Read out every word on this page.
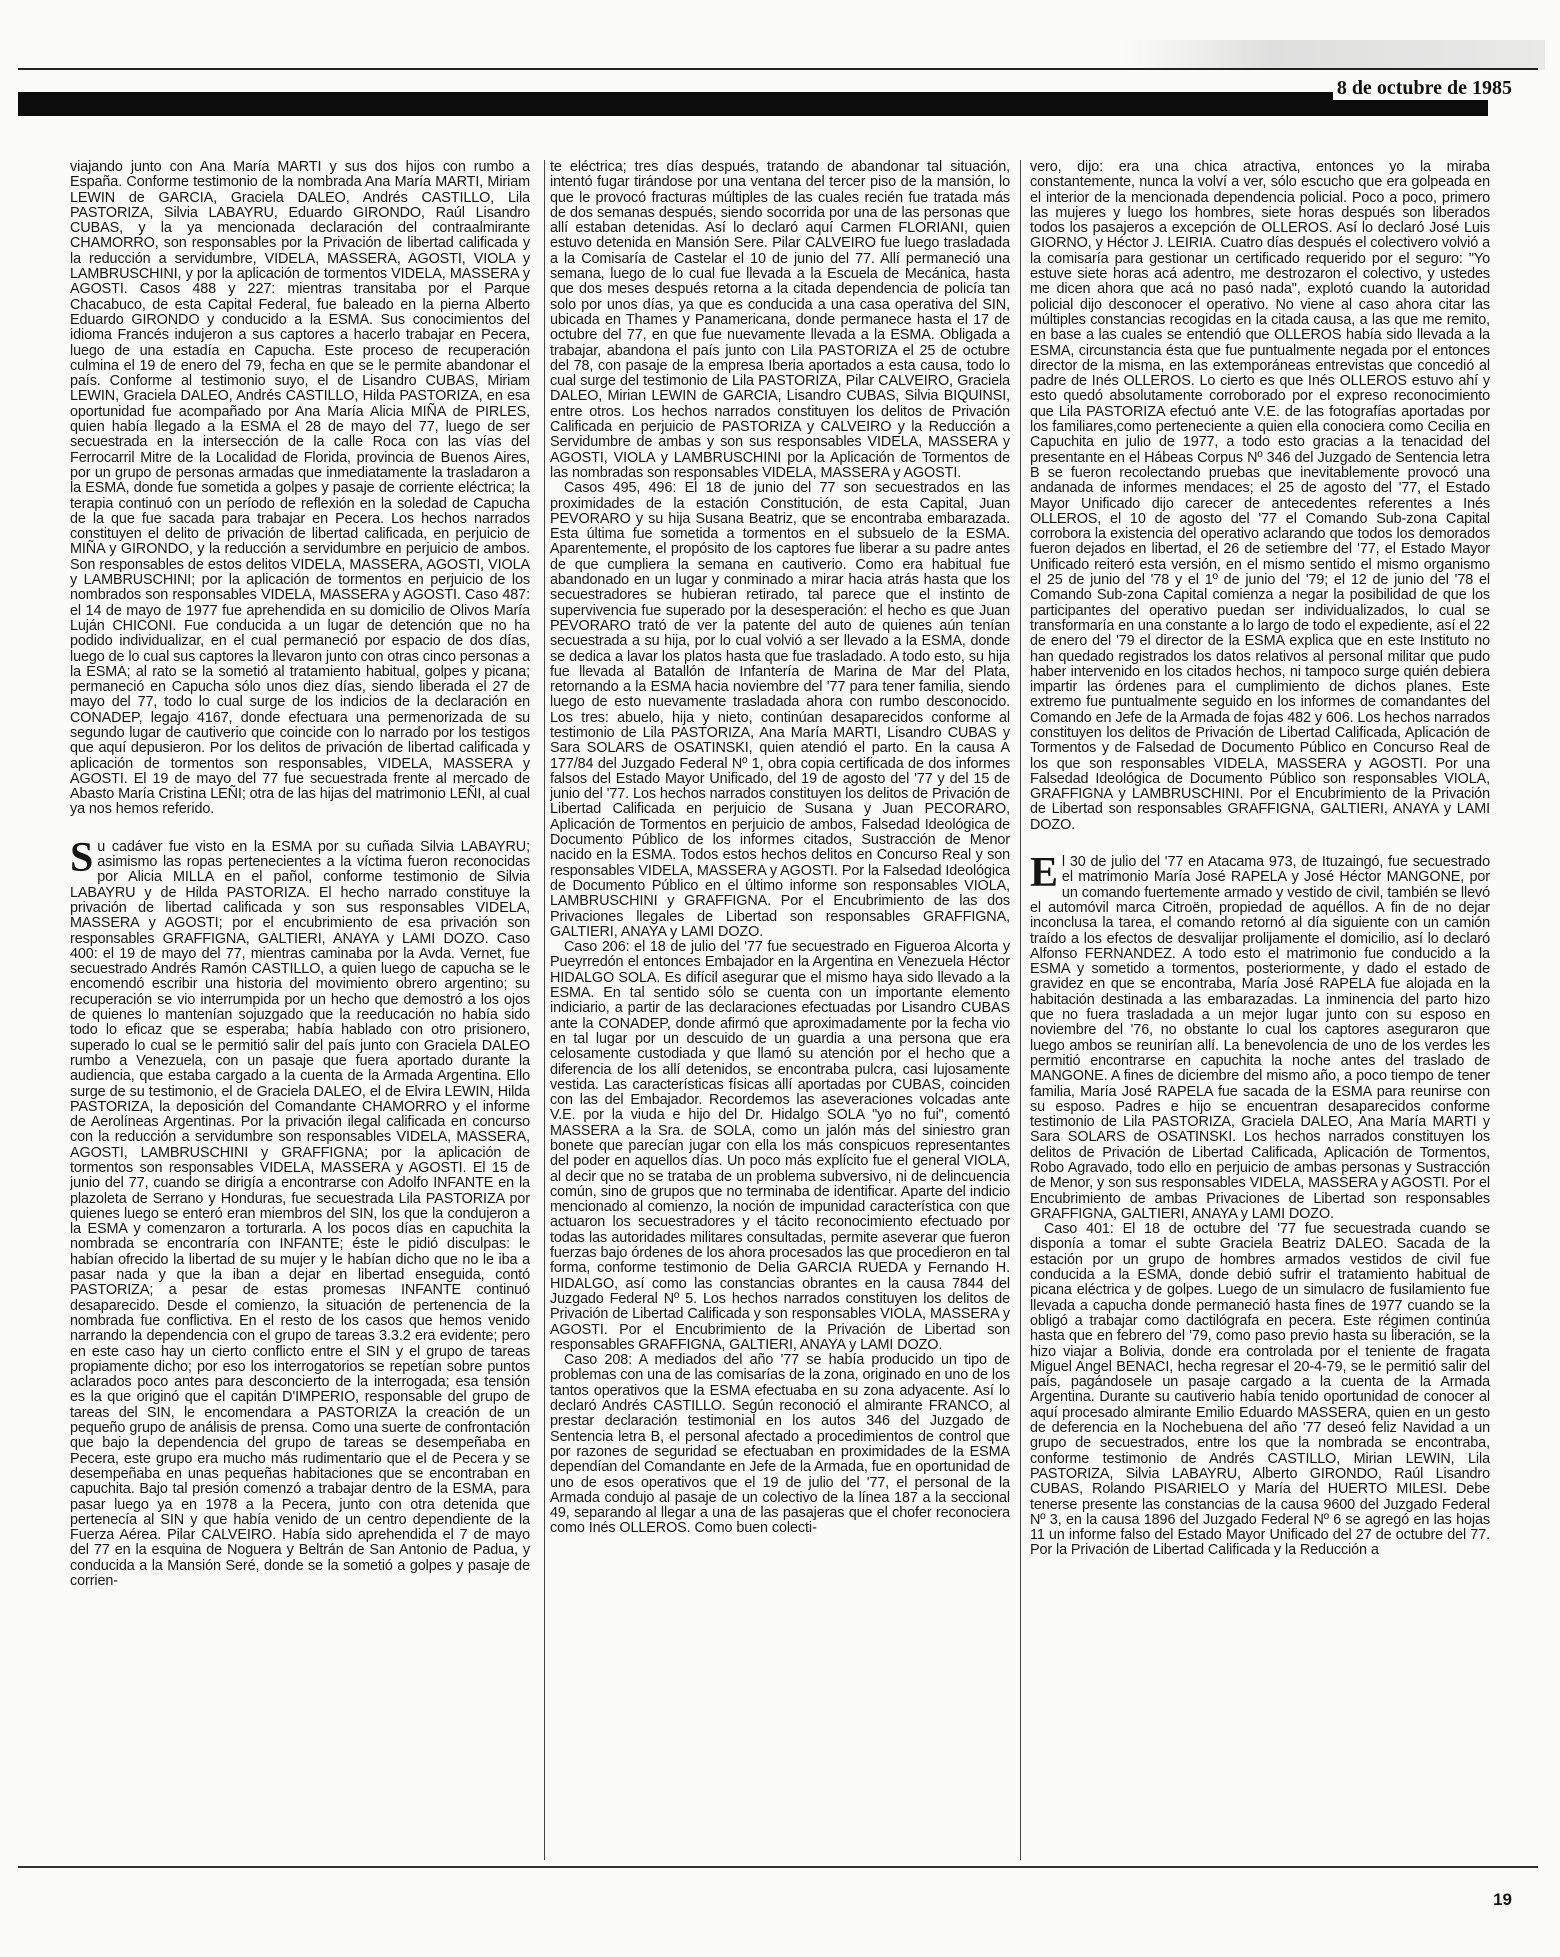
8 de octubre de 1985

viajando junto con Ana María MARTI y sus dos hijos con rumbo a España. Conforme testimonio de la nombrada Ana María MARTI, Miriam LEWIN de GARCIA, Graciela DALEO, Andrés CASTILLO, Lila PASTORIZA, Silvia LABAYRU, Eduardo GIRONDO, Raúl Lisandro CUBAS, y la ya mencionada declaración del contraalmirante CHAMORRO, son responsables por la Privación de libertad calificada y la reducción a servidumbre, VIDELA, MASSERA, AGOSTI, VIOLA y LAMBRUSCHINI, y por la aplicación de tormentos VIDELA, MASSERA y AGOSTI. Casos 488 y 227: mientras transitaba por el Parque Chacabuco, de esta Capital Federal, fue baleado en la pierna Alberto Eduardo GIRONDO y conducido a la ESMA. Sus conocimientos del idioma Francés indujeron a sus captores a hacerlo trabajar en Pecera, luego de una estadía en Capucha. Este proceso de recuperación culmina el 19 de enero del 79, fecha en que se le permite abandonar el país. Conforme al testimonio suyo, el de Lisandro CUBAS, Miriam LEWIN, Graciela DALEO, Andrés CASTILLO, Hilda PASTORIZA, en esa oportunidad fue acompañado por Ana María Alicia MIÑA de PIRLES, quien había llegado a la ESMA el 28 de mayo del 77, luego de ser secuestrada en la intersección de la calle Roca con las vías del Ferrocarril Mitre de la Localidad de Florida, provincia de Buenos Aires, por un grupo de personas armadas que inmediatamente la trasladaron a la ESMA, donde fue sometida a golpes y pasaje de corriente eléctrica; la terapia continuó con un período de reflexión en la soledad de Capucha de la que fue sacada para trabajar en Pecera. Los hechos narrados constituyen el delito de privación de libertad calificada, en perjuicio de MIÑA y GIRONDO, y la reducción a servidumbre en perjuicio de ambos. Son responsables de estos delitos VIDELA, MASSERA, AGOSTI, VIOLA y LAMBRUSCHINI; por la aplicación de tormentos en perjuicio de los nombrados son responsables VIDELA, MASSERA y AGOSTI. Caso 487: el 14 de mayo de 1977 fue aprehendida en su domicilio de Olivos María Luján CHICONI. Fue conducida a un lugar de detención que no ha podido individualizar, en el cual permaneció por espacio de dos días, luego de lo cual sus captores la llevaron junto con otras cinco personas a la ESMA; al rato se la sometió al tratamiento habitual, golpes y picana; permaneció en Capucha sólo unos diez días, siendo liberada el 27 de mayo del 77, todo lo cual surge de los indicios de la declaración en CONADEP, legajo 4167, donde efectuara una permenorizada de su segundo lugar de cautiverio que coincide con lo narrado por los testigos que aquí depusieron. Por los delitos de privación de libertad calificada y aplicación de tormentos son responsables, VIDELA, MASSERA y AGOSTI. El 19 de mayo del 77 fue secuestrada frente al mercado de Abasto María Cristina LEÑI; otra de las hijas del matrimonio LEÑI, al cual ya nos hemos referido.

Su cadáver fue visto en la ESMA por su cuñada Silvia LABAYRU; asimismo las ropas pertenecientes a la víctima fueron reconocidas por Alicia MILLA en el pañol, conforme testimonio de Silvia LABAYRU y de Hilda PASTORIZA. El hecho narrado constituye la privación de libertad calificada y son sus responsables VIDELA, MASSERA y AGOSTI; por el encubrimiento de esa privación son responsables GRAFFIGNA, GALTIERI, ANAYA y LAMI DOZO. Caso 400: el 19 de mayo del 77, mientras caminaba por la Avda. Vernet, fue secuestrado Andrés Ramón CASTILLO, a quien luego de capucha se le encomendó escribir una historia del movimiento obrero argentino; su recuperación se vio interrumpida por un hecho que demostró a los ojos de quienes lo mantenían sojuzgado que la reeducación no había sido todo lo eficaz que se esperaba; había hablado con otro prisionero, superado lo cual se le permitió salir del país junto con Graciela DALEO rumbo a Venezuela, con un pasaje que fuera aportado durante la audiencia, que estaba cargado a la cuenta de la Armada Argentina. Ello surge de su testimonio, el de Graciela DALEO, el de Elvira LEWIN, Hilda PASTORIZA, la deposición del Comandante CHAMORRO y el informe de Aerolíneas Argentinas. Por la privación ilegal calificada en concurso con la reducción a servidumbre son responsables VIDELA, MASSERA, AGOSTI, LAMBRUSCHINI y GRAFFIGNA; por la aplicación de tormentos son responsables VIDELA, MASSERA y AGOSTI. El 15 de junio del 77, cuando se dirigía a encontrarse con Adolfo INFANTE en la plazoleta de Serrano y Honduras, fue secuestrada Lila PASTORIZA por quienes luego se enteró eran miembros del SIN, los que la condujeron a la ESMA y comenzaron a torturarla. A los pocos días en capuchita la nombrada se encontraría con INFANTE; éste le pidió disculpas: le habían ofrecido la libertad de su mujer y le habían dicho que no le iba a pasar nada y que la iban a dejar en libertad enseguida, contó PASTORIZA; a pesar de estas promesas INFANTE continuó desaparecido. Desde el comienzo, la situación de pertenencia de la nombrada fue conflictiva. En el resto de los casos que hemos venido narrando la dependencia con el grupo de tareas 3.3.2 era evidente; pero en este caso hay un cierto conflicto entre el SIN y el grupo de tareas propiamente dicho; por eso los interrogatorios se repetían sobre puntos aclarados poco antes para desconcierto de la interrogada; esa tensión es la que originó que el capitán D'IMPERIO, responsable del grupo de tareas del SIN, le encomendara a PASTORIZA la creación de un pequeño grupo de análisis de prensa. Como una suerte de confrontación que bajo la dependencia del grupo de tareas se desempeñaba en Pecera, este grupo era mucho más rudimentario que el de Pecera y se desempeñaba en unas pequeñas habitaciones que se encontraban en capuchita. Bajo tal presión comenzó a trabajar dentro de la ESMA, para pasar luego ya en 1978 a la Pecera, junto con otra detenida que pertenecía al SIN y que había venido de un centro dependiente de la Fuerza Aérea. Pilar CALVEIRO. Había sido aprehendida el 7 de mayo del 77 en la esquina de Noguera y Beltrán de San Antonio de Padua, y conducida a la Mansión Seré, donde se la sometió a golpes y pasaje de corrien-

te eléctrica; tres días después, tratando de abandonar tal situación, intentó fugar tirándose por una ventana del tercer piso de la mansión, lo que le provocó fracturas múltiples de las cuales recién fue tratada más de dos semanas después, siendo socorrida por una de las personas que allí estaban detenidas. Así lo declaró aquí Carmen FLORIANI, quien estuvo detenida en Mansión Sere. Pilar CALVEIRO fue luego trasladada a la Comisaría de Castelar el 10 de junio del 77. Allí permaneció una semana, luego de lo cual fue llevada a la Escuela de Mecánica, hasta que dos meses después retorna a la citada dependencia de policía tan solo por unos días, ya que es conducida a una casa operativa del SIN, ubicada en Thames y Panamericana, donde permanece hasta el 17 de octubre del 77, en que fue nuevamente llevada a la ESMA. Obligada a trabajar, abandona el país junto con Lila PASTORIZA el 25 de octubre del 78, con pasaje de la empresa Iberia aportados a esta causa, todo lo cual surge del testimonio de Lila PASTORIZA, Pilar CALVEIRO, Graciela DALEO, Mirian LEWIN de GARCIA, Lisandro CUBAS, Silvia BIQUINSI, entre otros. Los hechos narrados constituyen los delitos de Privación Calificada en perjuicio de PASTORIZA y CALVEIRO y la Reducción a Servidumbre de ambas y son sus responsables VIDELA, MASSERA y AGOSTI, VIOLA y LAMBRUSCHINI por la Aplicación de Tormentos de las nombradas son responsables VIDELA, MASSERA y AGOSTI.

Casos 495, 496: El 18 de junio del 77 son secuestrados en las proximidades de la estación Constitución, de esta Capital, Juan PEVORARO y su hija Susana Beatriz, que se encontraba embarazada. Esta última fue sometida a tormentos en el subsuelo de la ESMA. Aparentemente, el propósito de los captores fue liberar a su padre antes de que cumpliera la semana en cautiverio. Como era habitual fue abandonado en un lugar y conminado a mirar hacia atrás hasta que los secuestradores se hubieran retirado, tal parece que el instinto de supervivencia fue superado por la desesperación: el hecho es que Juan PEVORARO trató de ver la patente del auto de quienes aún tenían secuestrada a su hija, por lo cual volvió a ser llevado a la ESMA, donde se dedica a lavar los platos hasta que fue trasladado. A todo esto, su hija fue llevada al Batallón de Infantería de Marina de Mar del Plata, retornando a la ESMA hacia noviembre del '77 para tener familia, siendo luego de esto nuevamente trasladada ahora con rumbo desconocido. Los tres: abuelo, hija y nieto, continúan desaparecidos conforme al testimonio de Lila PASTORIZA, Ana María MARTI, Lisandro CUBAS y Sara SOLARS de OSATINSKI, quien atendió el parto. En la causa A 177/84 del Juzgado Federal Nº 1, obra copia certificada de dos informes falsos del Estado Mayor Unificado, del 19 de agosto del '77 y del 15 de junio del '77. Los hechos narrados constituyen los delitos de Privación de Libertad Calificada en perjuicio de Susana y Juan PECORARO, Aplicación de Tormentos en perjuicio de ambos, Falsedad Ideológica de Documento Público de los informes citados, Sustracción de Menor nacido en la ESMA. Todos estos hechos delitos en Concurso Real y son responsables VIDELA, MASSERA y AGOSTI. Por la Falsedad Ideológica de Documento Público en el último informe son responsables VIOLA, LAMBRUSCHINI y GRAFFIGNA. Por el Encubrimiento de las dos Privaciones llegales de Libertad son responsables GRAFFIGNA, GALTIERI, ANAYA y LAMI DOZO.

Caso 206: el 18 de julio del '77 fue secuestrado en Figueroa Alcorta y Pueyrredón el entonces Embajador en la Argentina en Venezuela Héctor HIDALGO SOLA. Es difícil asegurar que el mismo haya sido llevado a la ESMA. En tal sentido sólo se cuenta con un importante elemento indiciario, a partir de las declaraciones efectuadas por Lisandro CUBAS ante la CONADEP, donde afirmó que aproximadamente por la fecha vio en tal lugar por un descuido de un guardia a una persona que era celosamente custodiada y que llamó su atención por el hecho que a diferencia de los allí detenidos, se encontraba pulcra, casi lujosamente vestida. Las características físicas allí aportadas por CUBAS, coinciden con las del Embajador. Recordemos las aseveraciones volcadas ante V.E. por la viuda e hijo del Dr. Hidalgo SOLA "yo no fui", comentó MASSERA a la Sra. de SOLA, como un jalón más del siniestro gran bonete que parecían jugar con ella los más conspicuos representantes del poder en aquellos días. Un poco más explícito fue el general VIOLA, al decir que no se trataba de un problema subversivo, ni de delincuencia común, sino de grupos que no terminaba de identificar. Aparte del indicio mencionado al comienzo, la noción de impunidad característica con que actuaron los secuestradores y el tácito reconocimiento efectuado por todas las autoridades militares consultadas, permite aseverar que fueron fuerzas bajo órdenes de los ahora procesados las que procedieron en tal forma, conforme testimonio de Delia GARCIA RUEDA y Fernando H. HIDALGO, así como las constancias obrantes en la causa 7844 del Juzgado Federal Nº 5. Los hechos narrados constituyen los delitos de Privación de Libertad Calificada y son responsables VIOLA, MASSERA y AGOSTI. Por el Encubrimiento de la Privación de Libertad son responsables GRAFFIGNA, GALTIERI, ANAYA y LAMI DOZO.

Caso 208: A mediados del año '77 se había producido un tipo de problemas con una de las comisarías de la zona, originado en uno de los tantos operativos que la ESMA efectuaba en su zona adyacente. Así lo declaró Andrés CASTILLO. Según reconoció el almirante FRANCO, al prestar declaración testimonial en los autos 346 del Juzgado de Sentencia letra B, el personal afectado a procedimientos de control que por razones de seguridad se efectuaban en proximidades de la ESMA dependían del Comandante en Jefe de la Armada, fue en oportunidad de uno de esos operativos que el 19 de julio del '77, el personal de la Armada condujo al pasaje de un colectivo de la línea 187 a la seccional 49, separando al llegar a una de las pasajeras que el chofer reconociera como Inés OLLEROS. Como buen colecti-

vero, dijo: era una chica atractiva, entonces yo la miraba constantemente, nunca la volví a ver, sólo escucho que era golpeada en el interior de la mencionada dependencia policial. Poco a poco, primero las mujeres y luego los hombres, siete horas después son liberados todos los pasajeros a excepción de OLLEROS. Así lo declaró José Luis GIORNO, y Héctor J. LEIRIA. Cuatro días después el colectivero volvió a la comisaría para gestionar un certificado requerido por el seguro: "Yo estuve siete horas acá adentro, me destrozaron el colectivo, y ustedes me dicen ahora que acá no pasó nada", explotó cuando la autoridad policial dijo desconocer el operativo. No viene al caso ahora citar las múltiples constancias recogidas en la citada causa, a las que me remito, en base a las cuales se entendió que OLLEROS había sido llevada a la ESMA, circunstancia ésta que fue puntualmente negada por el entonces director de la misma, en las extemporáneas entrevistas que concedió al padre de Inés OLLEROS. Lo cierto es que Inés OLLEROS estuvo ahí y esto quedó absolutamente corroborado por el expreso reconocimiento que Lila PASTORIZA efectuó ante V.E. de las fotografías aportadas por los familiares,como perteneciente a quien ella conociera como Cecilia en Capuchita en julio de 1977, a todo esto gracias a la tenacidad del presentante en el Hábeas Corpus Nº 346 del Juzgado de Sentencia letra B se fueron recolectando pruebas que inevitablemente provocó una andanada de informes mendaces; el 25 de agosto del '77, el Estado Mayor Unificado dijo carecer de antecedentes referentes a Inés OLLEROS, el 10 de agosto del '77 el Comando Sub-zona Capital corrobora la existencia del operativo aclarando que todos los demorados fueron dejados en libertad, el 26 de setiembre del '77, el Estado Mayor Unificado reiteró esta versión, en el mismo sentido el mismo organismo el 25 de junio del '78 y el 1º de junio del '79; el 12 de junio del '78 el Comando Sub-zona Capital comienza a negar la posibilidad de que los participantes del operativo puedan ser individualizados, lo cual se transformaría en una constante a lo largo de todo el expediente, así el 22 de enero del '79 el director de la ESMA explica que en este Instituto no han quedado registrados los datos relativos al personal militar que pudo haber intervenido en los citados hechos, ni tampoco surge quién debiera impartir las órdenes para el cumplimiento de dichos planes. Este extremo fue puntualmente seguido en los informes de comandantes del Comando en Jefe de la Armada de fojas 482 y 606. Los hechos narrados constituyen los delitos de Privación de Libertad Calificada, Aplicación de Tormentos y de Falsedad de Documento Público en Concurso Real de los que son responsables VIDELA, MASSERA y AGOSTI. Por una Falsedad Ideológica de Documento Público son responsables VIOLA, GRAFFIGNA y LAMBRUSCHINI. Por el Encubrimiento de la Privación de Libertad son responsables GRAFFIGNA, GALTIERI, ANAYA y LAMI DOZO.

El 30 de julio del '77 en Atacama 973, de Ituzaingó, fue secuestrado el matrimonio María José RAPELA y José Héctor MANGONE, por un comando fuertemente armado y vestido de civil, también se llevó el automóvil marca Citroën, propiedad de aquéllos. A fin de no dejar inconclusa la tarea, el comando retornó al día siguiente con un camión traído a los efectos de desvalijar prolijamente el domicilio, así lo declaró Alfonso FERNANDEZ. A todo esto el matrimonio fue conducido a la ESMA y sometido a tormentos, posteriormente, y dado el estado de gravidez en que se encontraba, María José RAPELA fue alojada en la habitación destinada a las embarazadas. La inminencia del parto hizo que no fuera trasladada a un mejor lugar junto con su esposo en noviembre del '76, no obstante lo cual los captores aseguraron que luego ambos se reunirían allí. La benevolencia de uno de los verdes les permitió encontrarse en capuchita la noche antes del traslado de MANGONE. A fines de diciembre del mismo año, a poco tiempo de tener familia, María José RAPELA fue sacada de la ESMA para reunirse con su esposo. Padres e hijo se encuentran desaparecidos conforme testimonio de Lila PASTORIZA, Graciela DALEO, Ana María MARTI y Sara SOLARS de OSATINSKI. Los hechos narrados constituyen los delitos de Privación de Libertad Calificada, Aplicación de Tormentos, Robo Agravado, todo ello en perjuicio de ambas personas y Sustracción de Menor, y son sus responsables VIDELA, MASSERA y AGOSTI. Por el Encubrimiento de ambas Privaciones de Libertad son responsables GRAFFIGNA, GALTIERI, ANAYA y LAMI DOZO.

Caso 401: El 18 de octubre del '77 fue secuestrada cuando se disponía a tomar el subte Graciela Beatriz DALEO. Sacada de la estación por un grupo de hombres armados vestidos de civil fue conducida a la ESMA, donde debió sufrir el tratamiento habitual de picana eléctrica y de golpes. Luego de un simulacro de fusilamiento fue llevada a capucha donde permaneció hasta fines de 1977 cuando se la obligó a trabajar como dactilógrafa en pecera. Este régimen continúa hasta que en febrero del '79, como paso previo hasta su liberación, se la hizo viajar a Bolivia, donde era controlada por el teniente de fragata Miguel Angel BENACI, hecha regresar el 20-4-79, se le permitió salir del país, pagándosele un pasaje cargado a la cuenta de la Armada Argentina. Durante su cautiverio había tenido oportunidad de conocer al aquí procesado almirante Emilio Eduardo MASSERA, quien en un gesto de deferencia en la Nochebuena del año '77 deseó feliz Navidad a un grupo de secuestrados, entre los que la nombrada se encontraba, conforme testimonio de Andrés CASTILLO, Mirian LEWIN, Lila PASTORIZA, Silvia LABAYRU, Alberto GIRONDO, Raúl Lisandro CUBAS, Rolando PISARIELO y María del HUERTO MILESI. Debe tenerse presente las constancias de la causa 9600 del Juzgado Federal Nº 3, en la causa 1896 del Juzgado Federal Nº 6 se agregó en las hojas 11 un informe falso del Estado Mayor Unificado del 27 de octubre del 77. Por la Privación de Libertad Calificada y la Reducción a

19
